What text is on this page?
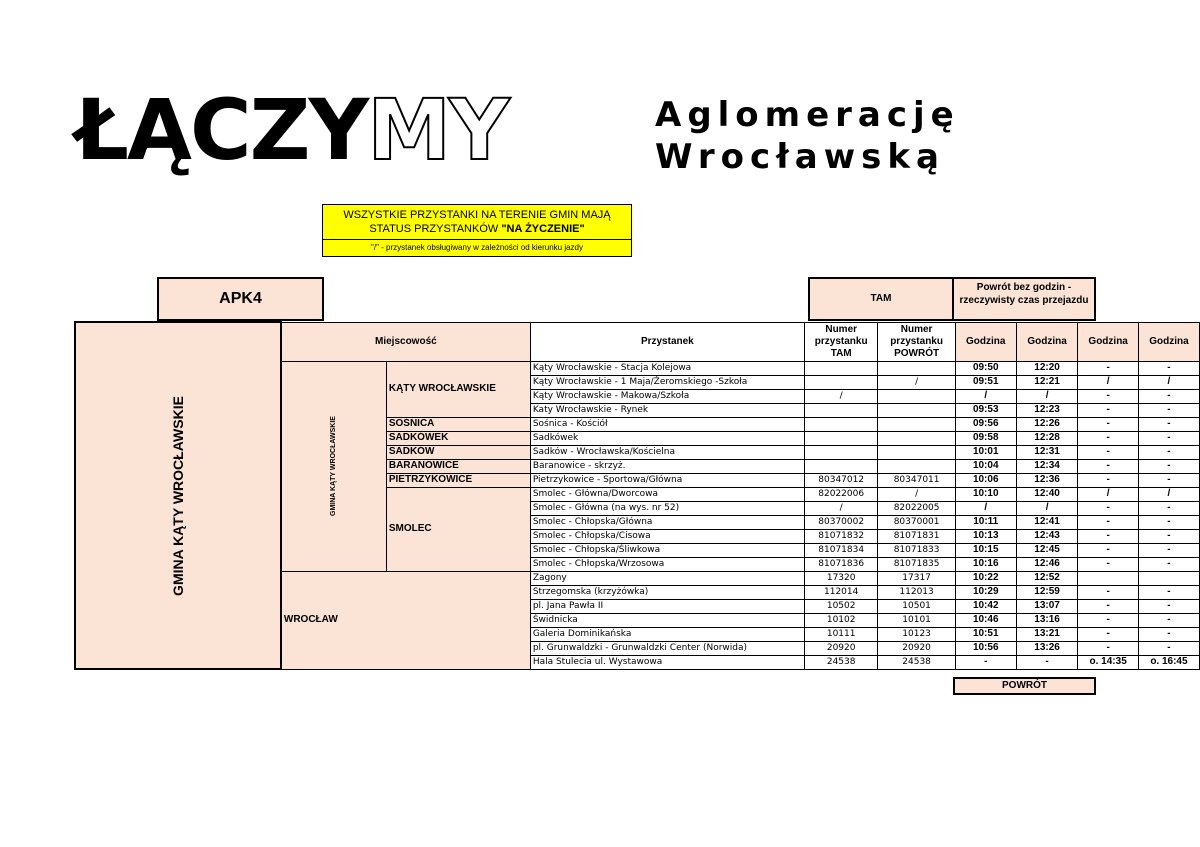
ŁĄCZYMY	Aglomerację
Wrocławską
WSZYSTKIE PRZYSTANKI NA TERENIE GMIN MAJĄ
STATUS PRZYSTANKÓW "NA ŻYCZENIE"
"/" - przystanek obsługiwany w zależności od kierunku jazdy
APK4	TAM
Powrót bez godzin - rzeczywisty czas przejazdu
GMINA KĄTY WROCŁAWSKIE	Miejscowość		Przystanek	Numer przystanku TAM	Numer przystanku POWRÓT	Godzina	Godzina	Godzina	Godzina
	GMINA KĄTY WROCŁAWSKIE	KĄTY WROCŁAWSKIE	Kąty Wrocławskie - Stacja Kolejowa			09:50	12:20	-	-
			Kąty Wrocławskie - 1 Maja/Żeromskiego -Szkoła		/	09:51	12:21	/	/
			Kąty Wrocławskie - Makowa/Szkoła	/		/	/	-	-
			Katy Wrocławskie - Rynek			09:53	12:23	-	-
		SOŚNICA	Sośnica - Kościół			09:56	12:26	-	-
		SADKÓWEK	Sadkówek			09:58	12:28	-	-
		SADKÓW	Sadków - Wrocławska/Kościelna			10:01	12:31	-	-
		BARANOWICE	Baranowice - skrzyż.			10:04	12:34	-	-
		PIETRZYKOWICE	Pietrzykowice - Sportowa/Główna	80347012	80347011	10:06	12:36	-	-
		SMOLEC	Smolec - Główna/Dworcowa	82022006	/	10:10	12:40	/	/
			Smolec - Główna (na wys. nr 52)	/	82022005	/	/	-	-
			Smolec - Chłopska/Główna	80370002	80370001	10:11	12:41	-	-
			Smolec - Chłopska/Cisowa	81071832	81071831	10:13	12:43	-	-
			Smolec - Chłopska/Śliwkowa	81071834	81071833	10:15	12:45	-	-
			Smolec - Chłopska/Wrzosowa	81071836	81071835	10:16	12:46	-	-
	WROCŁAW		Zagony	17320	17317	10:22	12:52		
			Strzegomska (krzyżówka)	112014	112013	10:29	12:59	-	-
			pl. Jana Pawła II	10502	10501	10:42	13:07	-	-
			Świdnicka	10102	10101	10:46	13:16	-	-
			Galeria Dominikańska	10111	10123	10:51	13:21	-	-
			pl. Grunwaldzki - Grunwaldzki Center (Norwida)	20920	20920	10:56	13:26	-	-
			Hala Stulecia ul. Wystawowa	24538	24538	-	-	o. 14:35	o. 16:45
POWRÓT
